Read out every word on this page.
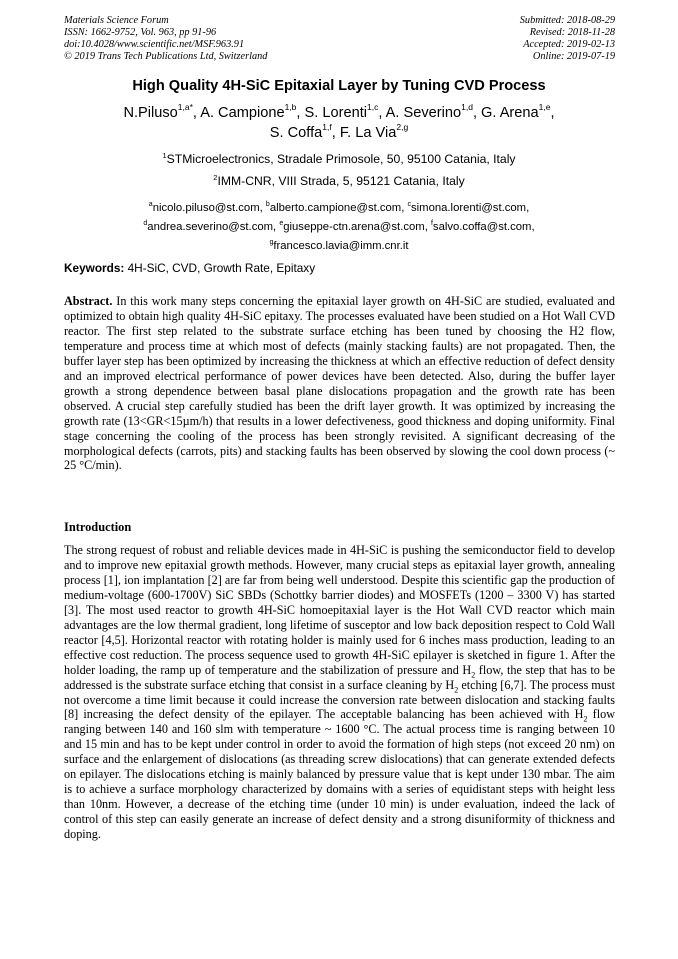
Materials Science Forum
ISSN: 1662-9752, Vol. 963, pp 91-96
doi:10.4028/www.scientific.net/MSF.963.91
© 2019 Trans Tech Publications Ltd, Switzerland
Submitted: 2018-08-29
Revised: 2018-11-28
Accepted: 2019-02-13
Online: 2019-07-19
High Quality 4H-SiC Epitaxial Layer by Tuning CVD Process
N.Piluso$^{1,a*}$, A. Campione$^{1,b}$, S. Lorenti$^{1,c}$, A. Severino$^{1,d}$, G. Arena$^{1,e}$,
S. Coffa$^{1,f}$, F. La Via$^{2,g}$
$^1$STMicroelectronics, Stradale Primosole, 50, 95100 Catania, Italy
$^2$IMM-CNR, VIII Strada, 5, 95121 Catania, Italy
$^a$nicolo.piluso@st.com, $^b$alberto.campione@st.com, $^c$simona.lorenti@st.com,
$^d$andrea.severino@st.com, $^e$giuseppe-ctn.arena@st.com, $^f$salvo.coffa@st.com,
$^g$francesco.lavia@imm.cnr.it
Keywords: 4H-SiC, CVD, Growth Rate, Epitaxy
Abstract. In this work many steps concerning the epitaxial layer growth on 4H-SiC are studied, evaluated and optimized to obtain high quality 4H-SiC epitaxy. The processes evaluated have been studied on a Hot Wall CVD reactor. The first step related to the substrate surface etching has been tuned by choosing the H2 flow, temperature and process time at which most of defects (mainly stacking faults) are not propagated. Then, the buffer layer step has been optimized by increasing the thickness at which an effective reduction of defect density and an improved electrical performance of power devices have been detected. Also, during the buffer layer growth a strong dependence between basal plane dislocations propagation and the growth rate has been observed. A crucial step carefully studied has been the drift layer growth. It was optimized by increasing the growth rate (13<GR<15µm/h) that results in a lower defectiveness, good thickness and doping uniformity. Final stage concerning the cooling of the process has been strongly revisited. A significant decreasing of the morphological defects (carrots, pits) and stacking faults has been observed by slowing the cool down process (~ 25 °C/min).
Introduction
The strong request of robust and reliable devices made in 4H-SiC is pushing the semiconductor field to develop and to improve new epitaxial growth methods. However, many crucial steps as epitaxial layer growth, annealing process [1], ion implantation [2] are far from being well understood. Despite this scientific gap the production of medium-voltage (600-1700V) SiC SBDs (Schottky barrier diodes) and MOSFETs (1200 – 3300 V) has started [3]. The most used reactor to growth 4H-SiC homoepitaxial layer is the Hot Wall CVD reactor which main advantages are the low thermal gradient, long lifetime of susceptor and low back deposition respect to Cold Wall reactor [4,5]. Horizontal reactor with rotating holder is mainly used for 6 inches mass production, leading to an effective cost reduction. The process sequence used to growth 4H-SiC epilayer is sketched in figure 1. After the holder loading, the ramp up of temperature and the stabilization of pressure and $H_2$ flow, the step that has to be addressed is the substrate surface etching that consist in a surface cleaning by $H_2$ etching [6,7]. The process must not overcome a time limit because it could increase the conversion rate between dislocation and stacking faults [8] increasing the defect density of the epilayer. The acceptable balancing has been achieved with $H_2$ flow ranging between 140 and 160 slm with temperature ~ 1600 °C. The actual process time is ranging between 10 and 15 min and has to be kept under control in order to avoid the formation of high steps (not exceed 20 nm) on surface and the enlargement of dislocations (as threading screw dislocations) that can generate extended defects on epilayer. The dislocations etching is mainly balanced by pressure value that is kept under 130 mbar. The aim is to achieve a surface morphology characterized by domains with a series of equidistant steps with height less than 10nm. However, a decrease of the etching time (under 10 min) is under evaluation, indeed the lack of control of this step can easily generate an increase of defect density and a strong disuniformity of thickness and doping.
